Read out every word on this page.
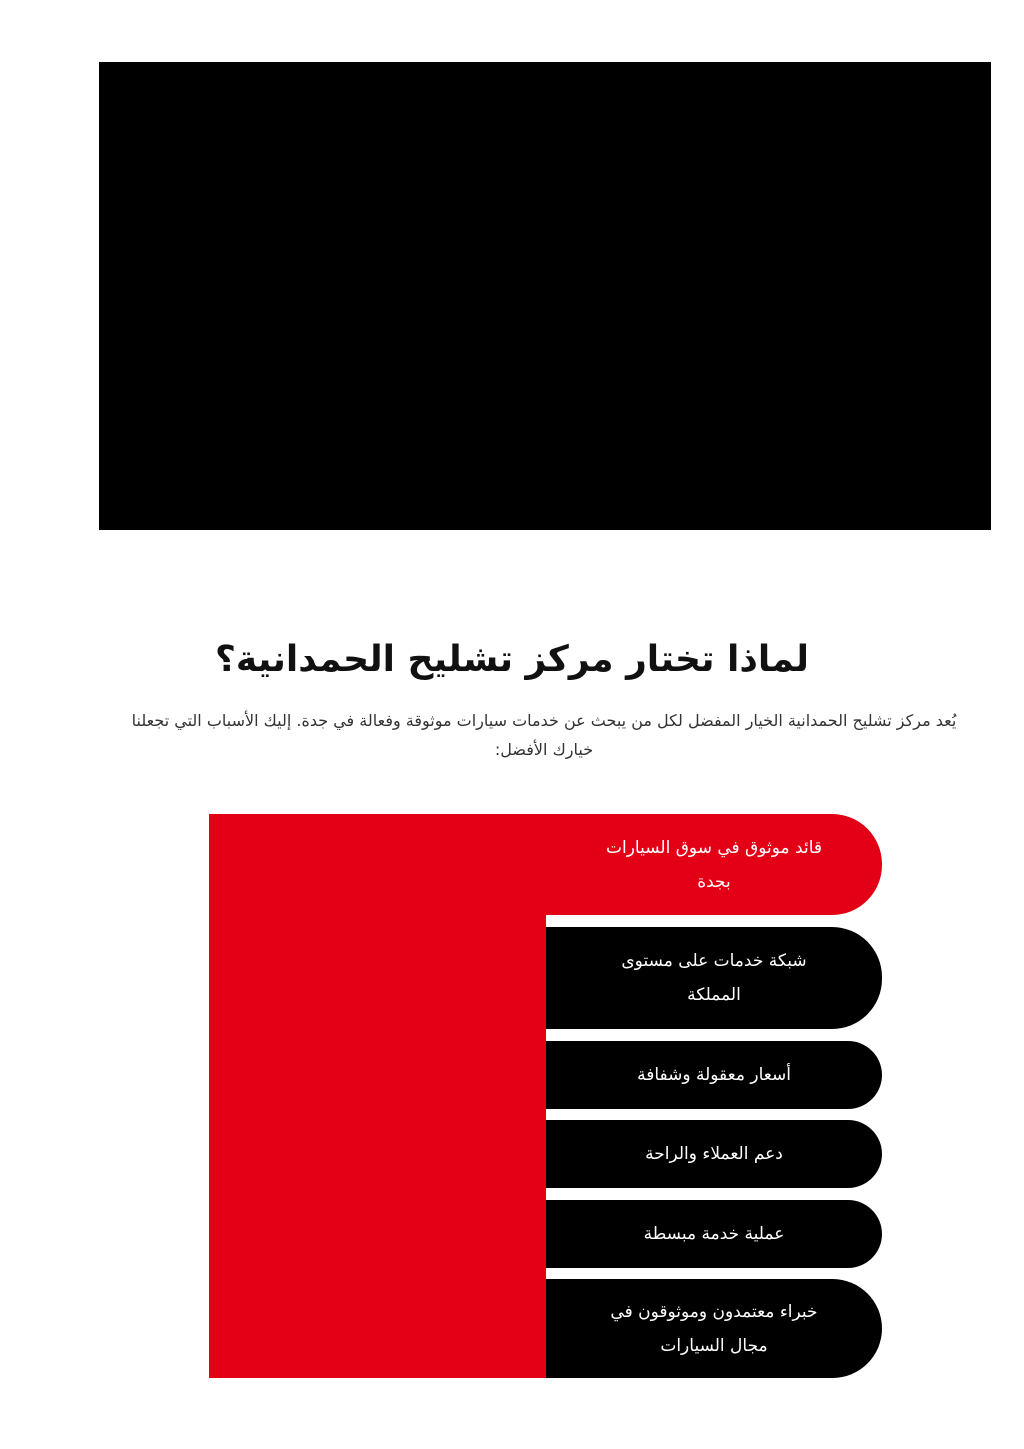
لماذا تختار مركز تشليح الحمدانية؟

يُعد مركز تشليح الحمدانية الخيار المفضل لكل من يبحث عن خدمات سيارات موثوقة وفعالة في جدة. إليك الأسباب التي تجعلنا خيارك الأفضل:

قائد موثوق في سوق السيارات بجدة
شبكة خدمات على مستوى المملكة
أسعار معقولة وشفافة
دعم العملاء والراحة
عملية خدمة مبسطة
خبراء معتمدون وموثوقون في مجال السيارات
